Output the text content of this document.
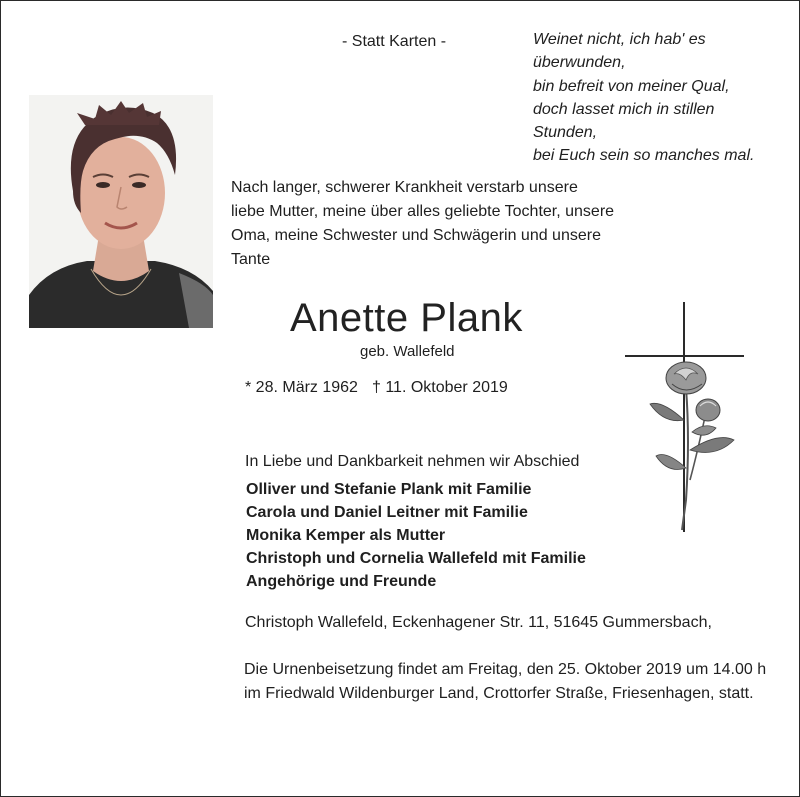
- Statt Karten -	Weinet nicht, ich hab' es
überwunden,
bin befreit von meiner Qual,
doch lasset mich in stillen
Stunden,
bei Euch sein so manches mal.
Nach langer, schwerer Krankheit verstarb unsere
liebe Mutter, meine über alles geliebte Tochter, unsere
Oma, meine Schwester und Schwägerin und unsere
Tante
Anette Plank
geb. Wallefeld
* 28. März 1962 † 11. Oktober 2019
In Liebe und Dankbarkeit nehmen wir Abschied
Olliver und Stefanie Plank mit Familie
Carola und Daniel Leitner mit Familie
Monika Kemper als Mutter
Christoph und Cornelia Wallefeld mit Familie
Angehörige und Freunde
Christoph Wallefeld, Eckenhagener Str. 11, 51645 Gummersbach,
Die Urnenbeisetzung findet am Freitag, den 25. Oktober 2019 um 14.00 h
im Friedwald Wildenburger Land, Crottorfer Straße, Friesenhagen, statt.
